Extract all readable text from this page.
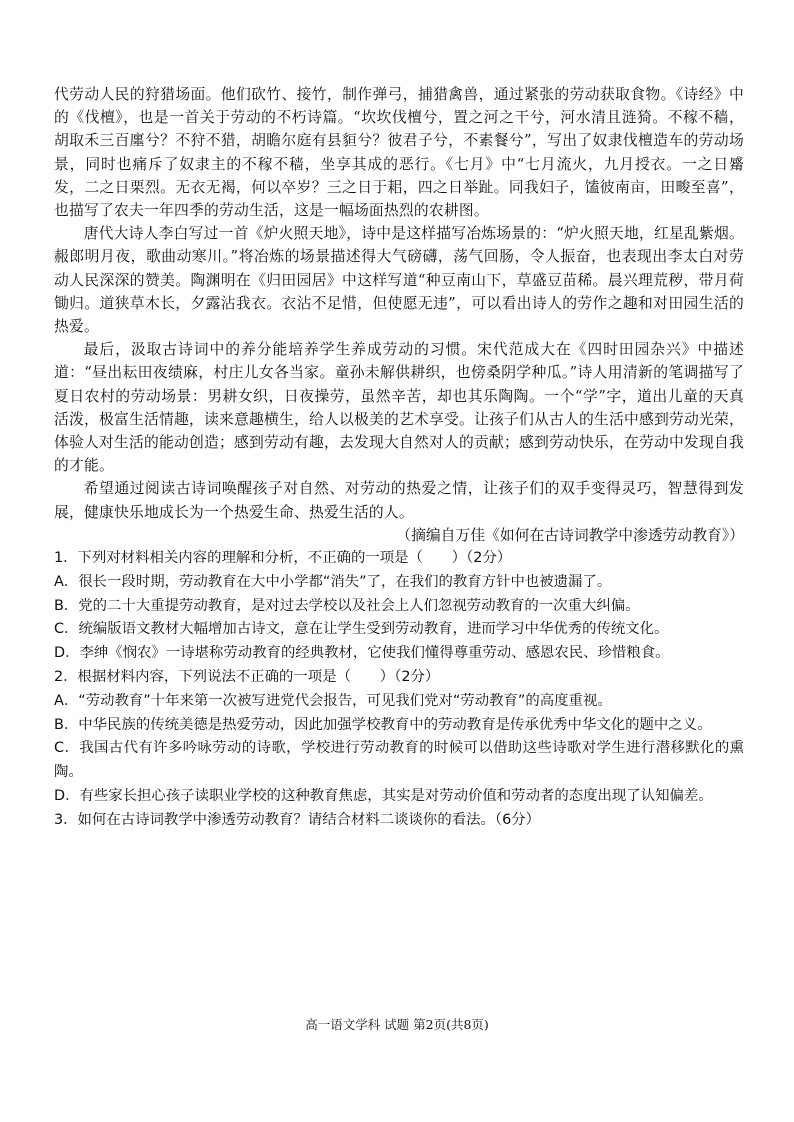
代劳动人民的狩猎场面。他们砍竹、接竹，制作弹弓，捕猎禽兽，通过紧张的劳动获取食物。《诗经》中的《伐檀》，也是一首关于劳动的不朽诗篇。“坎坎伐檀兮，置之河之干兮，河水清且涟猗。不稼不穑，胡取禾三百廛兮？不狩不猎，胡瞻尔庭有县貆兮？彼君子兮，不素餐兮”，写出了奴隶伐檀造车的劳动场景，同时也痛斥了奴隶主的不稼不穑，坐享其成的恶行。《七月》中“七月流火，九月授衣。一之日觱发，二之日栗烈。无衣无褐，何以卒岁？三之日于耜，四之日举趾。同我妇子，馌彼南亩，田畯至喜”，也描写了农夫一年四季的劳动生活，这是一幅场面热烈的农耕图。

唐代大诗人李白写过一首《炉火照天地》，诗中是这样描写冶炼场景的：“炉火照天地，红星乱紫烟。赧郎明月夜，歌曲动寒川。”将冶炼的场景描述得大气磅礴，荡气回肠，令人振奋，也表现出李太白对劳动人民深深的赞美。陶渊明在《归田园居》中这样写道“种豆南山下，草盛豆苗稀。晨兴理荒秽，带月荷锄归。道狭草木长，夕露沾我衣。衣沾不足惜，但使愿无违”，可以看出诗人的劳作之趣和对田园生活的热爱。

最后，汲取古诗词中的养分能培养学生养成劳动的习惯。宋代范成大在《四时田园杂兴》中描述道：“昼出耘田夜绩麻，村庄儿女各当家。童孙未解供耕织，也傍桑阴学种瓜。”诗人用清新的笔调描写了夏日农村的劳动场景：男耕女织，日夜操劳，虽然辛苦，却也其乐陶陶。一个“学”字，道出儿童的天真活泼，极富生活情趣，读来意趣横生，给人以极美的艺术享受。让孩子们从古人的生活中感到劳动光荣，体验人对生活的能动创造；感到劳动有趣，去发现大自然对人的贡献；感到劳动快乐，在劳动中发现自我的才能。

希望通过阅读古诗词唤醒孩子对自然、对劳动的热爱之情，让孩子们的双手变得灵巧，智慧得到发展，健康快乐地成长为一个热爱生命、热爱生活的人。

（摘编自万佳《如何在古诗词教学中渗透劳动教育》）

1．下列对材料相关内容的理解和分析，不正确的一项是（　　）（2分）

A．很长一段时期，劳动教育在大中小学都“消失”了，在我们的教育方针中也被遗漏了。

B．党的二十大重提劳动教育，是对过去学校以及社会上人们忽视劳动教育的一次重大纠偏。

C．统编版语文教材大幅增加古诗文，意在让学生受到劳动教育，进而学习中华优秀的传统文化。

D．李绅《悯农》一诗堪称劳动教育的经典教材，它使我们懂得尊重劳动、感恩农民、珍惜粮食。

2．根据材料内容，下列说法不正确的一项是（　　）（2分）

A．“劳动教育”十年来第一次被写进党代会报告，可见我们党对“劳动教育”的高度重视。

B．中华民族的传统美德是热爱劳动，因此加强学校教育中的劳动教育是传承优秀中华文化的题中之义。

C．我国古代有许多吟咏劳动的诗歌，学校进行劳动教育的时候可以借助这些诗歌对学生进行潜移默化的熏陶。

D．有些家长担心孩子读职业学校的这种教育焦虑，其实是对劳动价值和劳动者的态度出现了认知偏差。

3．如何在古诗词教学中渗透劳动教育？请结合材料二谈谈你的看法。（6分）

高一语文学科 试题 第2页(共8页)
